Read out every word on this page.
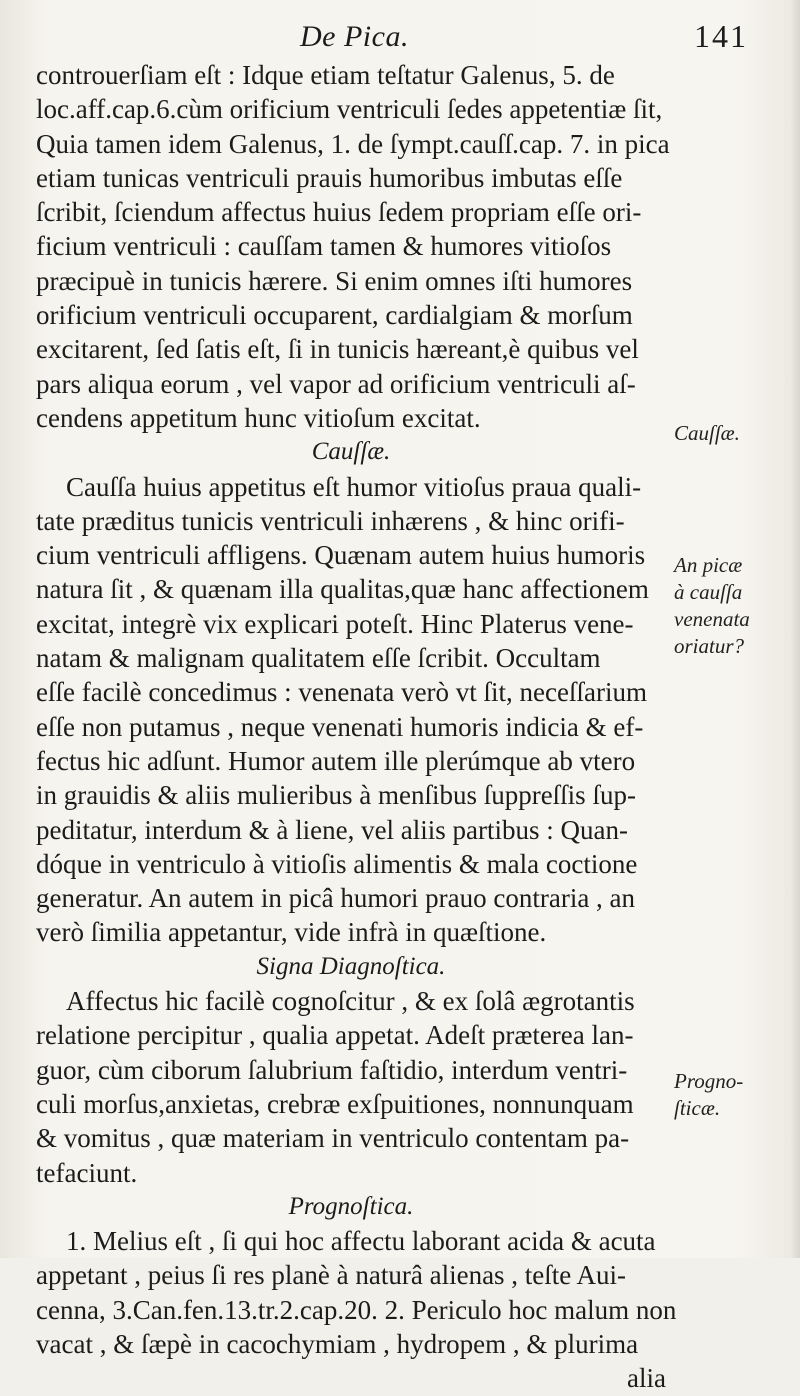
De Pica.	141
controuerſiam eſt : Idque etiam teſtatur Galenus, 5. de
loc.aff.cap.6.cùm orificium ventriculi ſedes appetentiæ ſit,
Quia tamen idem Galenus, 1. de ſympt.cauſſ.cap. 7. in pica
etiam tunicas ventriculi prauis humoribus imbutas eſſe
ſcribit, ſciendum affectus huius ſedem propriam eſſe ori-
ficium ventriculi : cauſſam tamen & humores vitioſos
præcipuè in tunicis hærere. Si enim omnes iſti humores
orificium ventriculi occuparent, cardialgiam & morſum
excitarent, ſed ſatis eſt, ſi in tunicis hæreant,è quibus vel
pars aliqua eorum , vel vapor ad orificium ventriculi aſ-
cendens appetitum hunc vitioſum excitat.
Cauſſæ.
Cauſſa huius appetitus eſt humor vitioſus praua quali-
tate præditus tunicis ventriculi inhærens , & hinc orifi-
cium ventriculi affligens. Quænam autem huius humoris
natura ſit , & quænam illa qualitas,quæ hanc affectionem
excitat, integrè vix explicari poteſt. Hinc Platerus vene-
natam & malignam qualitatem eſſe ſcribit. Occultam
eſſe facilè concedimus : venenata verò vt ſit, neceſſarium
eſſe non putamus , neque venenati humoris indicia & ef-
fectus hic adſunt. Humor autem ille plerúmque ab vtero
in grauidis & aliis mulieribus à menſibus ſuppreſſis ſup-
peditatur, interdum & à liene, vel aliis partibus : Quan-
dóque in ventriculo à vitioſis alimentis & mala coctione
generatur. An autem in picâ humori prauo contraria , an
verò ſimilia appetantur, vide infrà in quæſtione.
Signa Diagnoſtica.
Affectus hic facilè cognoſcitur , & ex ſolâ ægrotantis
relatione percipitur , qualia appetat. Adeſt præterea lan-
guor, cùm ciborum ſalubrium faſtidio, interdum ventri-
culi morſus,anxietas, crebræ exſpuitiones, nonnunquam
& vomitus , quæ materiam in ventriculo contentam pa-
tefaciunt.
Prognoſtica.
1. Melius eſt , ſi qui hoc affectu laborant acida & acuta
appetant , peius ſi res planè à naturâ alienas , teſte Aui-
cenna, 3.Can.fen.13.tr.2.cap.20. 2. Periculo hoc malum non
vacat , & ſæpè in cacochymiam , hydropem , & plurima
alia
Cauſſæ.
An picæ
à cauſſa
venenata
oriatur?
Progno-
ſticæ.
